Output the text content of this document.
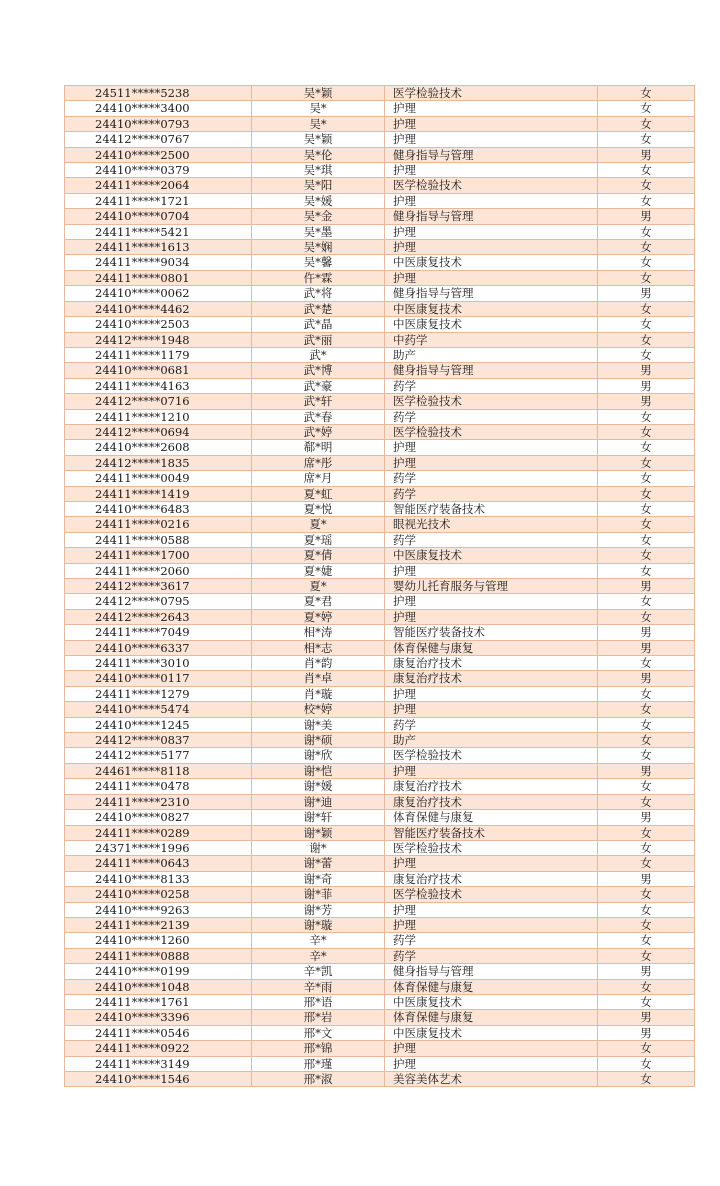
24511*****5238	吴*颖	医学检验技术	女
24410*****3400	吴*	护理	女
24410*****0793	吴*	护理	女
24412*****0767	吴*颖	护理	女
24410*****2500	吴*伦	健身指导与管理	男
24410*****0379	吴*琪	护理	女
24411*****2064	吴*阳	医学检验技术	女
24411*****1721	吴*媛	护理	女
24410*****0704	吴*金	健身指导与管理	男
24411*****5421	吴*墨	护理	女
24411*****1613	吴*娴	护理	女
24411*****9034	吴*馨	中医康复技术	女
24411*****0801	仵*霖	护理	女
24410*****0062	武*将	健身指导与管理	男
24410*****4462	武*楚	中医康复技术	女
24410*****2503	武*晶	中医康复技术	女
24412*****1948	武*丽	中药学	女
24411*****1179	武*	助产	女
24410*****0681	武*博	健身指导与管理	男
24411*****4163	武*豪	药学	男
24412*****0716	武*轩	医学检验技术	男
24411*****1210	武*春	药学	女
24412*****0694	武*婷	医学检验技术	女
24410*****2608	郗*明	护理	女
24412*****1835	席*彤	护理	女
24411*****0049	席*月	药学	女
24411*****1419	夏*虹	药学	女
24410*****6483	夏*悦	智能医疗装备技术	女
24411*****0216	夏*	眼视光技术	女
24411*****0588	夏*瑶	药学	女
24411*****1700	夏*倩	中医康复技术	女
24411*****2060	夏*婕	护理	女
24412*****3617	夏*	婴幼儿托育服务与管理	男
24412*****0795	夏*君	护理	女
24412*****2643	夏*婷	护理	女
24411*****7049	相*涛	智能医疗装备技术	男
24410*****6337	相*志	体育保健与康复	男
24411*****3010	肖*韵	康复治疗技术	女
24410*****0117	肖*卓	康复治疗技术	男
24411*****1279	肖*璇	护理	女
24410*****5474	校*婷	护理	女
24410*****1245	谢*美	药学	女
24412*****0837	谢*硕	助产	女
24412*****5177	谢*欣	医学检验技术	女
24461*****8118	谢*恺	护理	男
24411*****0478	谢*媛	康复治疗技术	女
24411*****2310	谢*迪	康复治疗技术	女
24410*****0827	谢*轩	体育保健与康复	男
24411*****0289	谢*颖	智能医疗装备技术	女
24371*****1996	谢*	医学检验技术	女
24411*****0643	谢*蕾	护理	女
24410*****8133	谢*奇	康复治疗技术	男
24410*****0258	谢*菲	医学检验技术	女
24410*****9263	谢*芳	护理	女
24411*****2139	谢*璇	护理	女
24410*****1260	辛*	药学	女
24411*****0888	辛*	药学	女
24410*****0199	辛*凯	健身指导与管理	男
24410*****1048	辛*雨	体育保健与康复	女
24411*****1761	邢*语	中医康复技术	女
24410*****3396	邢*岩	体育保健与康复	男
24411*****0546	邢*文	中医康复技术	男
24411*****0922	邢*锦	护理	女
24411*****3149	邢*瑾	护理	女
24410*****1546	邢*淑	美容美体艺术	女
